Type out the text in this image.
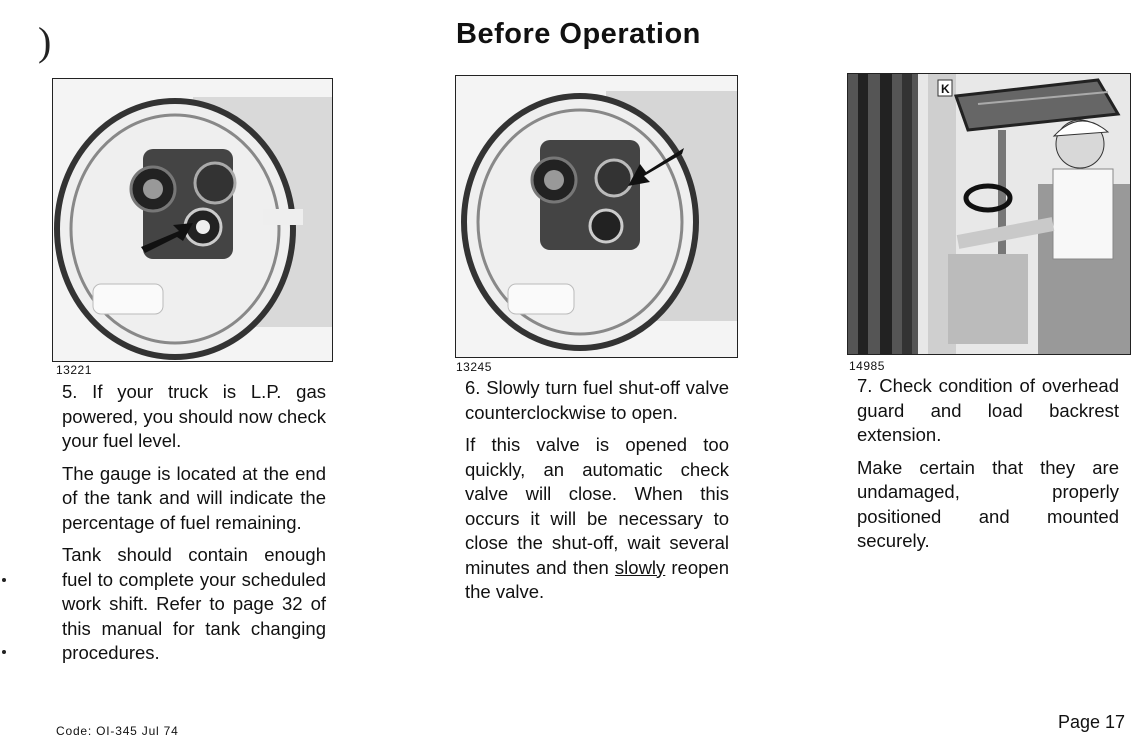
)	Before Operation
13221	13245
K
14985

5. If your truck is L.P. gas powered, you should now check your fuel level.

The gauge is located at the end of the tank and will indicate the percentage of fuel remaining.

Tank should contain enough fuel to complete your scheduled work shift. Refer to page 32 of this manual for tank changing procedures.

6. Slowly turn fuel shut-off valve counterclockwise to open.

If this valve is opened too quickly, an automatic check valve will close. When this occurs it will be necessary to close the shut-off, wait several minutes and then slowly reopen the valve.

7. Check condition of overhead guard and load backrest extension.

Make certain that they are undamaged, properly positioned and mounted securely.

Code: OI-345 Jul 74	Page 17
